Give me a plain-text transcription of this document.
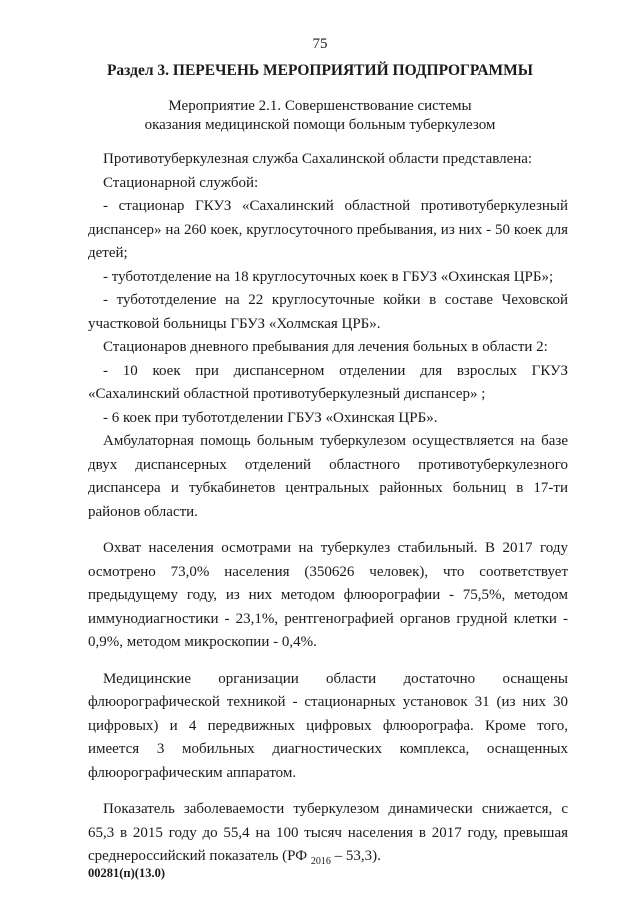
75
Раздел 3. ПЕРЕЧЕНЬ МЕРОПРИЯТИЙ ПОДПРОГРАММЫ
Мероприятие 2.1. Совершенствование системы
оказания медицинской помощи больным туберкулезом

Противотуберкулезная служба Сахалинской области представлена:

Стационарной службой:

- стационар ГКУЗ «Сахалинский областной противотуберкулезный диспансер» на 260 коек, круглосуточного пребывания, из них - 50 коек для детей;

- тубототделение на 18 круглосуточных коек в ГБУЗ «Охинская ЦРБ»;

- тубототделение на 22 круглосуточные койки в составе Чеховской участковой больницы ГБУЗ «Холмская ЦРБ».

Стационаров дневного пребывания для лечения больных в области 2:

- 10 коек при диспансерном отделении для взрослых ГКУЗ «Сахалинский областной противотуберкулезный диспансер» ;

- 6 коек при тубототделении ГБУЗ «Охинская ЦРБ».

Амбулаторная помощь больным туберкулезом осуществляется на базе двух диспансерных отделений областного противотуберкулезного диспансера и тубкабинетов центральных районных больниц в 17-ти районов области.

Охват населения осмотрами на туберкулез стабильный. В 2017 году осмотрено 73,0% населения (350626 человек), что соответствует предыдущему году, из них методом флюорографии - 75,5%, методом иммунодиагностики - 23,1%, рентгенографией органов грудной клетки - 0,9%, методом микроскопии - 0,4%.

Медицинские организации области достаточно оснащены флюорографической техникой - стационарных установок 31 (из них 30 цифровых) и 4 передвижных цифровых флюорографа. Кроме того, имеется 3 мобильных диагностических комплекса, оснащенных флюорографическим аппаратом.

Показатель заболеваемости туберкулезом динамически снижается, с 65,3 в 2015 году до 55,4 на 100 тысяч населения в 2017 году, превышая среднероссийский показатель (РФ $_{2016}$ – 53,3).

00281(п)(13.0)
